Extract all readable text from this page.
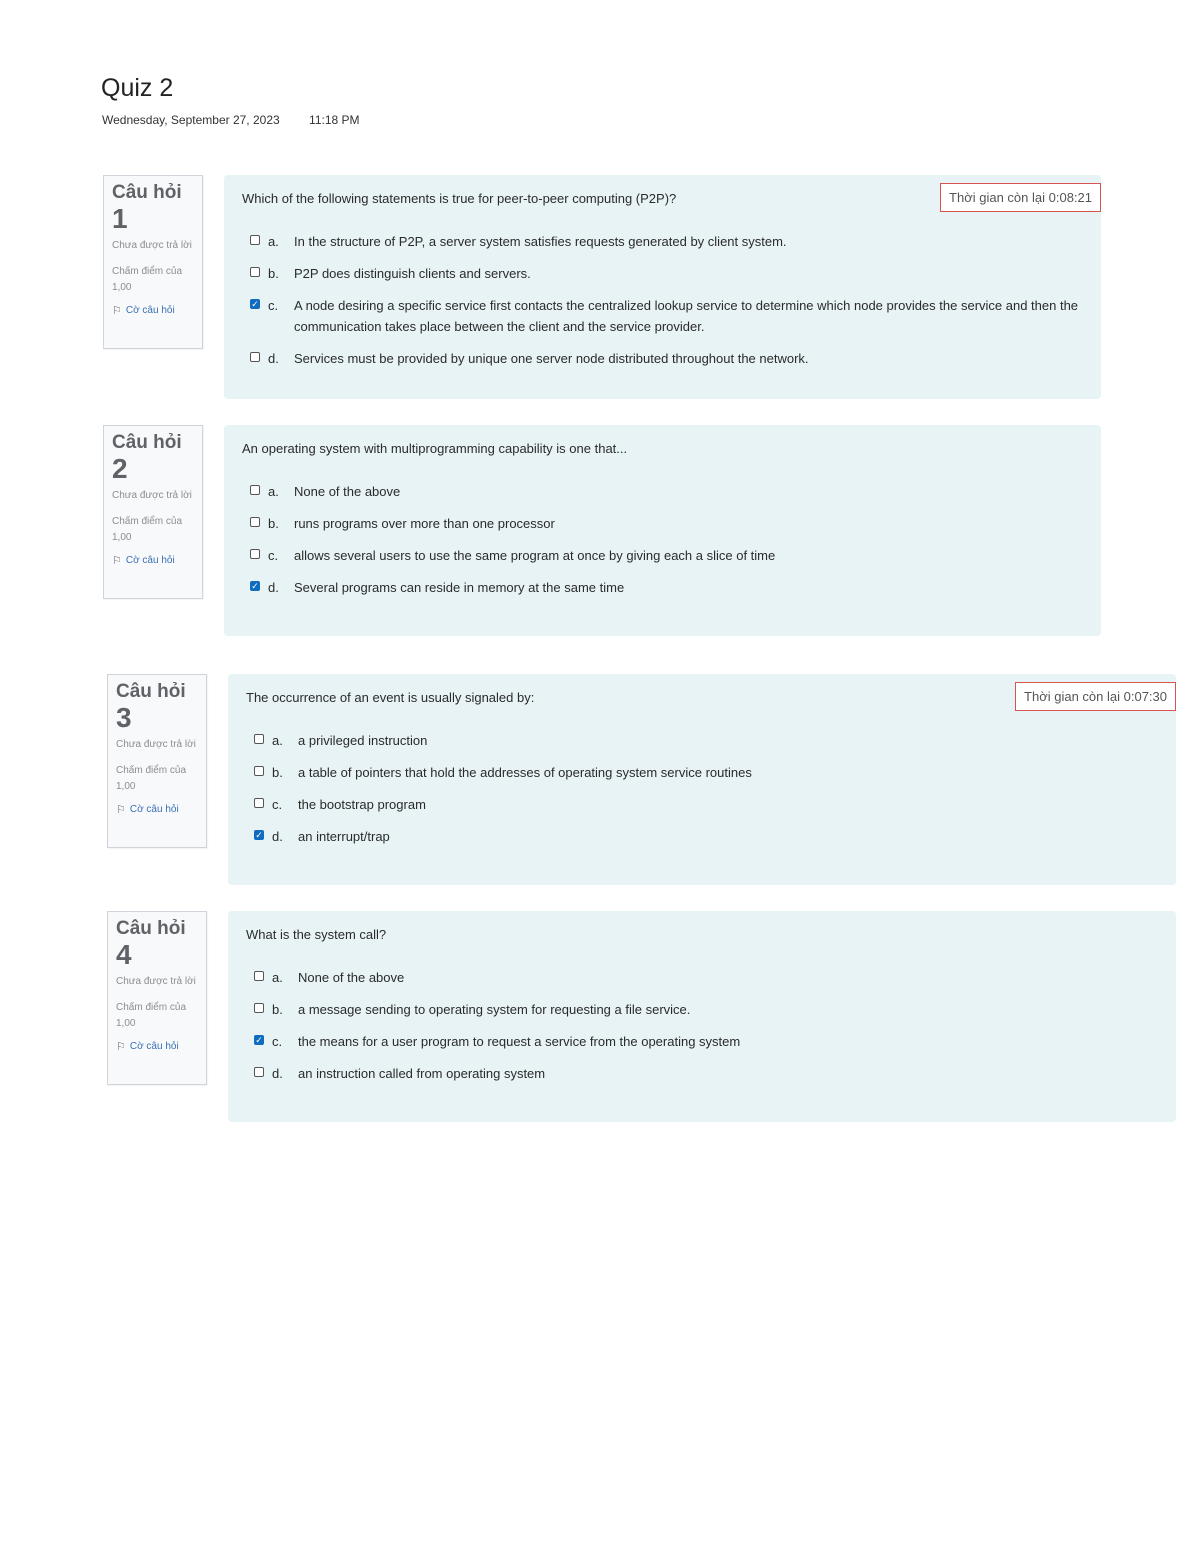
Quiz 2
Wednesday, September 27, 2023 11:18 PM
Câu hỏi
1
Chưa được trả lời
Chấm điểm của 1,00
⚐ Cờ câu hỏi
Which of the following statements is true for peer-to-peer computing (P2P)?	Thời gian còn lại 0:08:21
a.	In the structure of P2P, a server system satisfies requests generated by client system.
b.	P2P does distinguish clients and servers.
✓
c.	A node desiring a specific service first contacts the centralized lookup service to determine which node provides the service and then the communication takes place between the client and the service provider.
d.	Services must be provided by unique one server node distributed throughout the network.
Câu hỏi
2
Chưa được trả lời
Chấm điểm của 1,00
⚐ Cờ câu hỏi
An operating system with multiprogramming capability is one that...
a.	None of the above
b.	runs programs over more than one processor
c.	allows several users to use the same program at once by giving each a slice of time
✓
d.	Several programs can reside in memory at the same time
Câu hỏi
3
Chưa được trả lời
Chấm điểm của 1,00
⚐ Cờ câu hỏi
The occurrence of an event is usually signaled by:	Thời gian còn lại 0:07:30
a.	a privileged instruction
b.	a table of pointers that hold the addresses of operating system service routines
c.	the bootstrap program
✓
d.	an interrupt/trap
Câu hỏi
4
Chưa được trả lời
Chấm điểm của 1,00
⚐ Cờ câu hỏi
What is the system call?
a.	None of the above
b.	a message sending to operating system for requesting a file service.
✓
c.	the means for a user program to request a service from the operating system
d.	an instruction called from operating system
